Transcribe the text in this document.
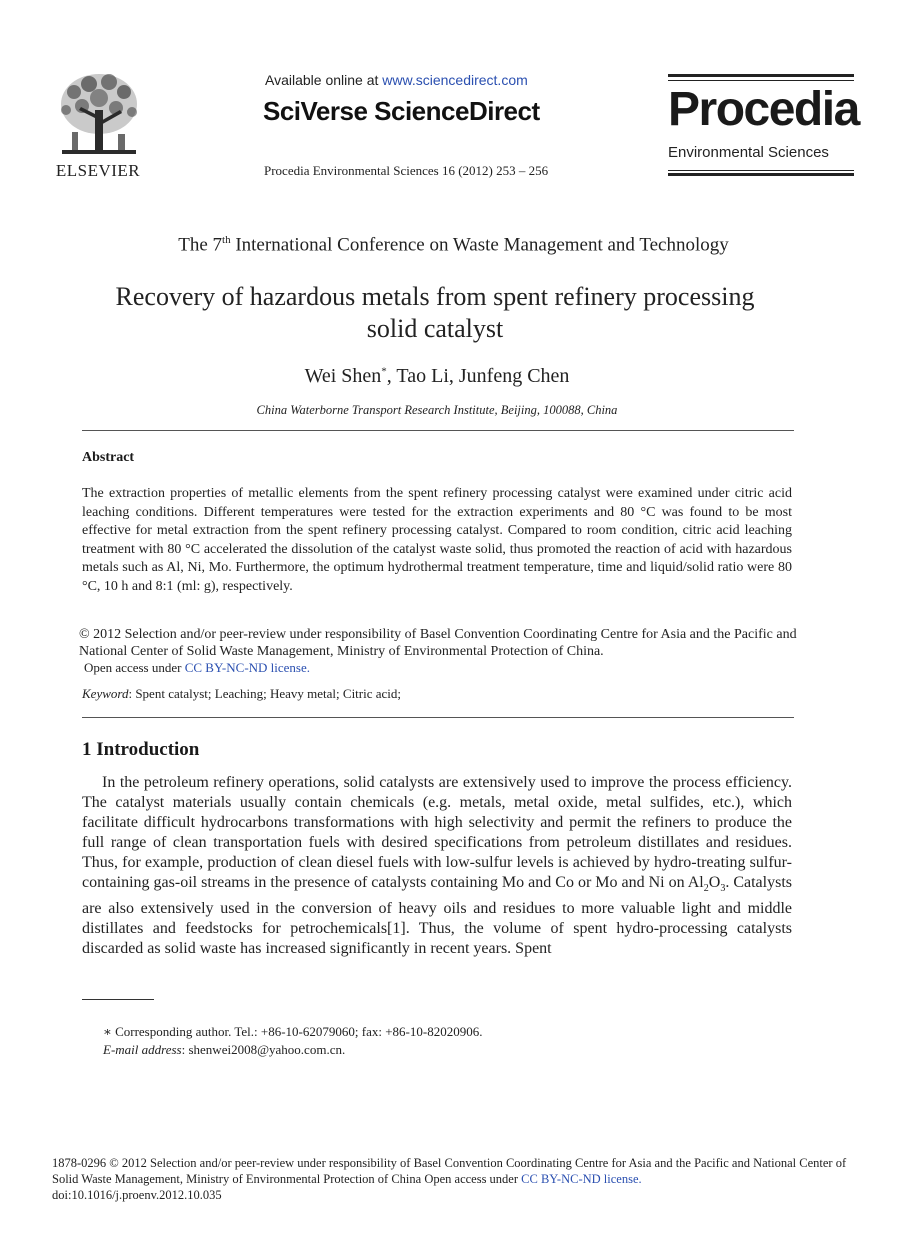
ELSEVIER
Available online at www.sciencedirect.com
SciVerse ScienceDirect
Procedia Environmental Sciences 16 (2012) 253 – 256
Procedia
Environmental Sciences
The 7th International Conference on Waste Management and Technology
Recovery of hazardous metals from spent refinery processing
solid catalyst
Wei Shen*, Tao Li, Junfeng Chen
China Waterborne Transport Research Institute, Beijing, 100088, China
Abstract
The extraction properties of metallic elements from the spent refinery processing catalyst were examined under citric acid leaching conditions. Different temperatures were tested for the extraction experiments and 80 °C was found to be most effective for metal extraction from the spent refinery processing catalyst. Compared to room condition, citric acid leaching treatment with 80 °C accelerated the dissolution of the catalyst waste solid, thus promoted the reaction of acid with hazardous metals such as Al, Ni, Mo. Furthermore, the optimum hydrothermal treatment temperature, time and liquid/solid ratio were 80 °C, 10 h and 8:1 (ml: g), respectively.
© 2012 Selection and/or peer-review under responsibility of Basel Convention Coordinating Centre for Asia and the Pacific and National Center of Solid Waste Management, Ministry of Environmental Protection of China.
Open access under CC BY-NC-ND license.
Keyword: Spent catalyst; Leaching; Heavy metal; Citric acid;
1 Introduction
In the petroleum refinery operations, solid catalysts are extensively used to improve the process efficiency. The catalyst materials usually contain chemicals (e.g. metals, metal oxide, metal sulfides, etc.), which facilitate difficult hydrocarbons transformations with high selectivity and permit the refiners to produce the full range of clean transportation fuels with desired specifications from petroleum distillates and residues. Thus, for example, production of clean diesel fuels with low-sulfur levels is achieved by hydro-treating sulfur-containing gas-oil streams in the presence of catalysts containing Mo and Co or Mo and Ni on $Al_2O_3$. Catalysts are also extensively used in the conversion of heavy oils and residues to more valuable light and middle distillates and feedstocks for petrochemicals[1]. Thus, the volume of spent hydro-processing catalysts discarded as solid waste has increased significantly in recent years. Spent
∗ Corresponding author. Tel.: +86-10-62079060; fax: +86-10-82020906.
E-mail address: shenwei2008@yahoo.com.cn.
1878-0296 © 2012 Selection and/or peer-review under responsibility of Basel Convention Coordinating Centre for Asia and the Pacific and National Center of Solid Waste Management, Ministry of Environmental Protection of China Open access under CC BY-NC-ND license.
doi:10.1016/j.proenv.2012.10.035
